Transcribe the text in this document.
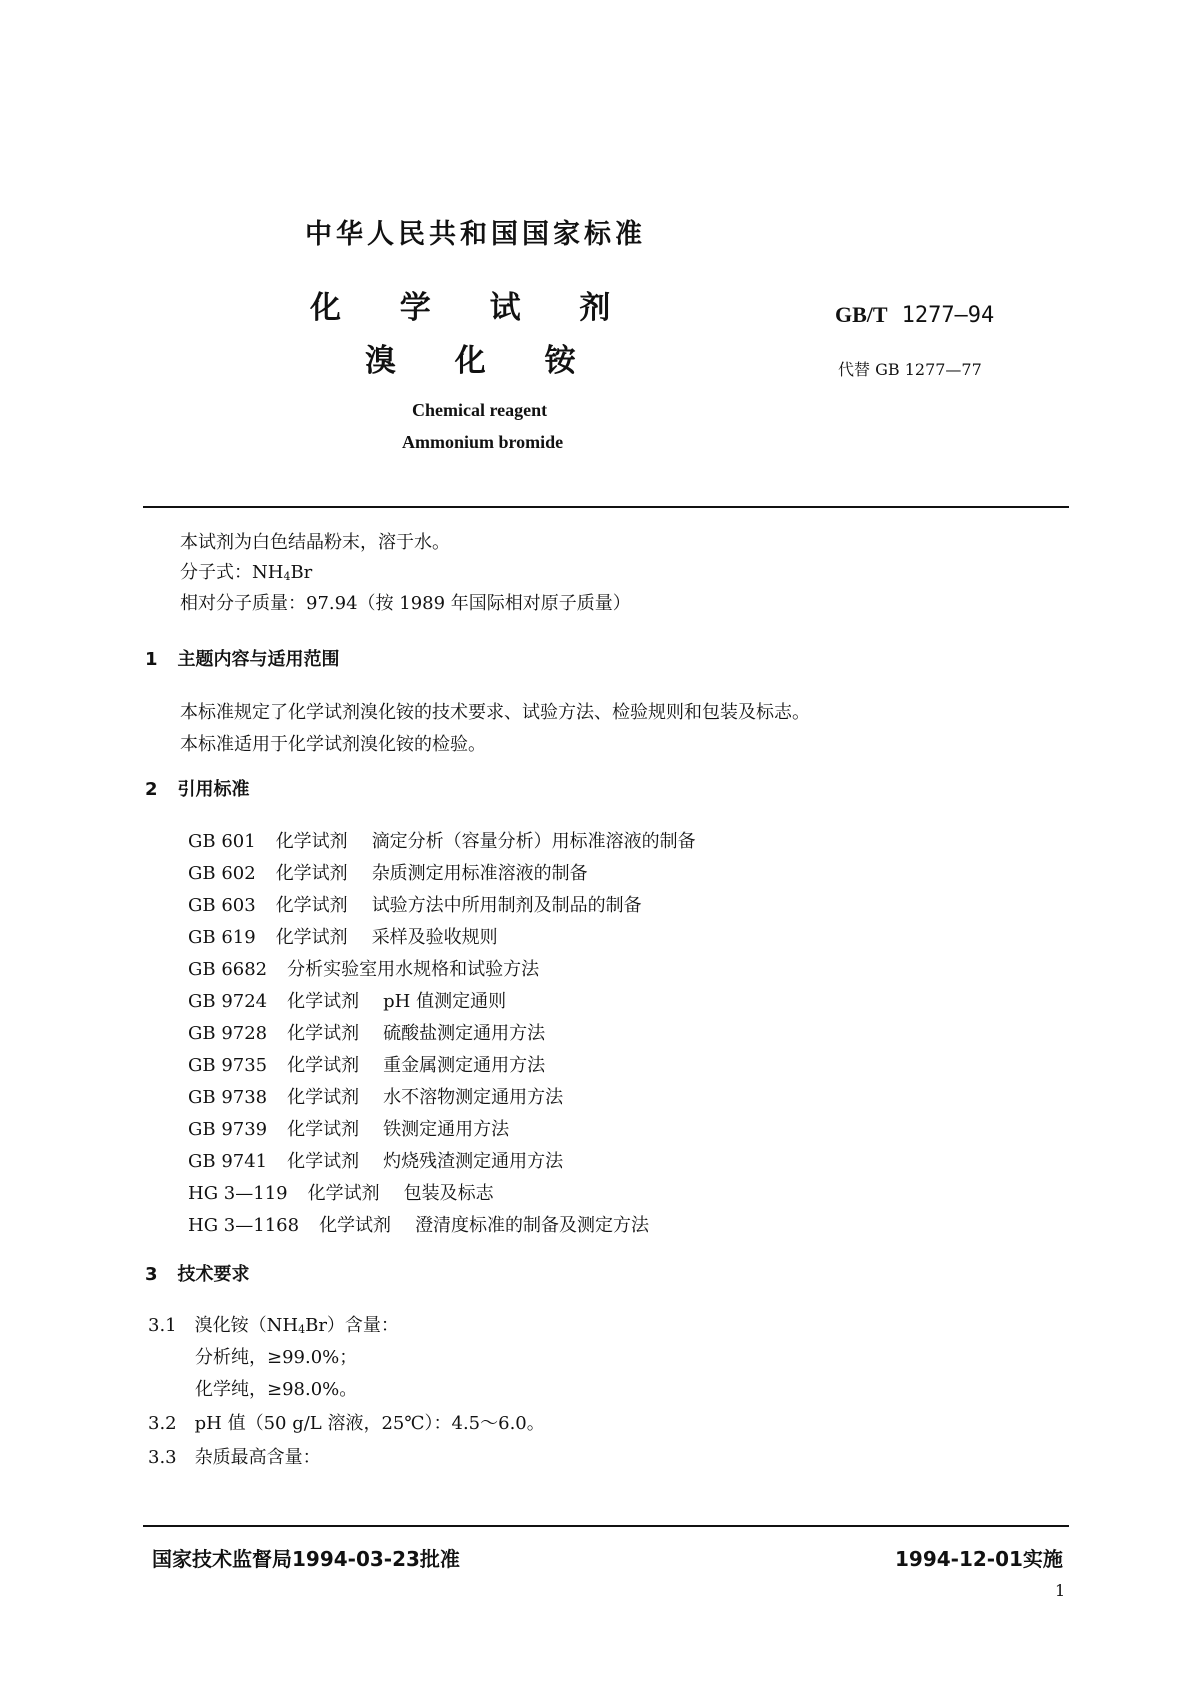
中华人民共和国国家标准
化 学 试 剂
溴 化 铵
GB/T 1277—94
代替 GB 1277—77
Chemical reagent
Ammonium bromide
本试剂为白色结晶粉末，溶于水。
分子式：$NH_4Br$
相对分子质量：97.94（按 1989 年国际相对原子质量）
1 主题内容与适用范围
本标准规定了化学试剂溴化铵的技术要求、试验方法、检验规则和包装及标志。
本标准适用于化学试剂溴化铵的检验。
2 引用标准
GB 601 化学试剂 滴定分析（容量分析）用标准溶液的制备
GB 602 化学试剂 杂质测定用标准溶液的制备
GB 603 化学试剂 试验方法中所用制剂及制品的制备
GB 619 化学试剂 采样及验收规则
GB 6682 分析实验室用水规格和试验方法
GB 9724 化学试剂 pH 值测定通则
GB 9728 化学试剂 硫酸盐测定通用方法
GB 9735 化学试剂 重金属测定通用方法
GB 9738 化学试剂 水不溶物测定通用方法
GB 9739 化学试剂 铁测定通用方法
GB 9741 化学试剂 灼烧残渣测定通用方法
HG 3—119 化学试剂 包装及标志
HG 3—1168 化学试剂 澄清度标准的制备及测定方法
3 技术要求
3.1 溴化铵$(NH_4Br)$含量：
分析纯，≥99.0%；
化学纯，≥98.0%。
3.2 pH 值（50 g/L 溶液，25℃）：4.5～6.0。
3.3 杂质最高含量：
国家技术监督局1994-03-23批准	1994-12-01实施
1
